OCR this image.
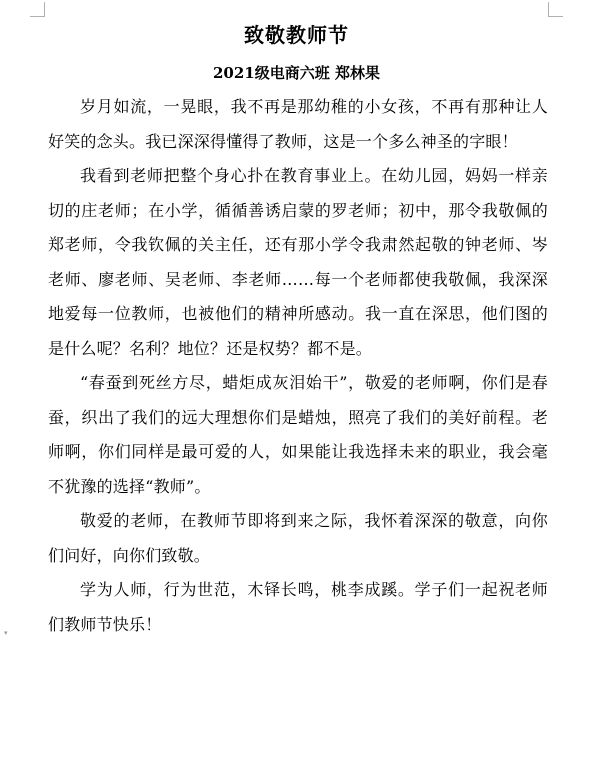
▾
致敬教师节
2021级电商六班 郑林果

岁月如流，一晃眼，我不再是那幼稚的小女孩，不再有那种让人好笑的念头。我已深深得懂得了教师，这是一个多么神圣的字眼！

我看到老师把整个身心扑在教育事业上。在幼儿园，妈妈一样亲切的庄老师；在小学，循循善诱启蒙的罗老师；初中，那令我敬佩的郑老师，令我钦佩的关主任，还有那小学令我肃然起敬的钟老师、岑老师、廖老师、吴老师、李老师……每一个老师都使我敬佩，我深深地爱每一位教师，也被他们的精神所感动。我一直在深思，他们图的是什么呢？名利？地位？还是权势？都不是。

“春蚕到死丝方尽，蜡炬成灰泪始干”，敬爱的老师啊，你们是春蚕，织出了我们的远大理想你们是蜡烛，照亮了我们的美好前程。老师啊，你们同样是最可爱的人，如果能让我选择未来的职业，我会毫不犹豫的选择“教师”。

敬爱的老师，在教师节即将到来之际，我怀着深深的敬意，向你们问好，向你们致敬。

学为人师，行为世范，木铎长鸣，桃李成蹊。学子们一起祝老师们教师节快乐！
